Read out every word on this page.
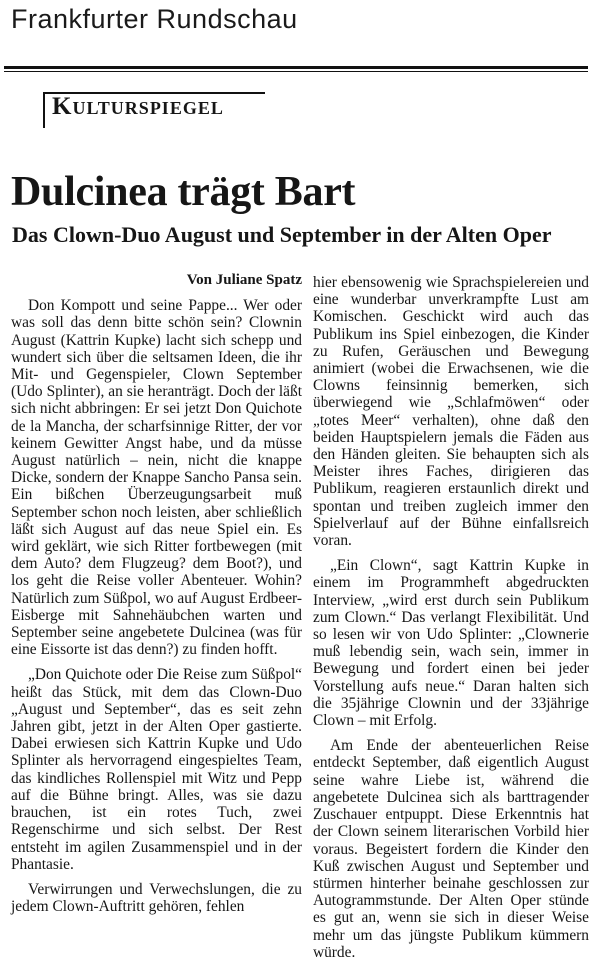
Frankfurter Rundschau
Kulturspiegel
Dulcinea trägt Bart
Das Clown-Duo August und September in der Alten Oper
Von Juliane Spatz

Don Kompott und seine Pappe... Wer oder was soll das denn bitte schön sein? Clownin August (Kattrin Kupke) lacht sich schepp und wundert sich über die seltsamen Ideen, die ihr Mit- und Gegenspieler, Clown September (Udo Splinter), an sie heranträgt. Doch der läßt sich nicht abbringen: Er sei jetzt Don Quichote de la Mancha, der scharfsinnige Ritter, der vor keinem Gewitter Angst habe, und da müsse August natürlich – nein, nicht die knappe Dicke, sondern der Knappe Sancho Pansa sein. Ein bißchen Überzeugungsarbeit muß September schon noch leisten, aber schließlich läßt sich August auf das neue Spiel ein. Es wird geklärt, wie sich Ritter fortbewegen (mit dem Auto? dem Flugzeug? dem Boot?), und los geht die Reise voller Abenteuer. Wohin? Natürlich zum Süßpol, wo auf August Erdbeer-Eisberge mit Sahnehäubchen warten und September seine angebetete Dulcinea (was für eine Eissorte ist das denn?) zu finden hofft.

„Don Quichote oder Die Reise zum Süßpol“ heißt das Stück, mit dem das Clown-Duo „August und September“, das es seit zehn Jahren gibt, jetzt in der Alten Oper gastierte. Dabei erwiesen sich Kattrin Kupke und Udo Splinter als hervorragend eingespieltes Team, das kindliches Rollenspiel mit Witz und Pepp auf die Bühne bringt. Alles, was sie dazu brauchen, ist ein rotes Tuch, zwei Regenschirme und sich selbst. Der Rest entsteht im agilen Zusammenspiel und in der Phantasie.

Verwirrungen und Verwechslungen, die zu jedem Clown-Auftritt gehören, fehlen

hier ebensowenig wie Sprachspielereien und eine wunderbar unverkrampfte Lust am Komischen. Geschickt wird auch das Publikum ins Spiel einbezogen, die Kinder zu Rufen, Geräuschen und Bewegung animiert (wobei die Erwachsenen, wie die Clowns feinsinnig bemerken, sich überwiegend wie „Schlafmöwen“ oder „totes Meer“ verhalten), ohne daß den beiden Hauptspielern jemals die Fäden aus den Händen gleiten. Sie behaupten sich als Meister ihres Faches, dirigieren das Publikum, reagieren erstaunlich direkt und spontan und treiben zugleich immer den Spielverlauf auf der Bühne einfallsreich voran.

„Ein Clown“, sagt Kattrin Kupke in einem im Programmheft abgedruckten Interview, „wird erst durch sein Publikum zum Clown.“ Das verlangt Flexibilität. Und so lesen wir von Udo Splinter: „Clownerie muß lebendig sein, wach sein, immer in Bewegung und fordert einen bei jeder Vorstellung aufs neue.“ Daran halten sich die 35jährige Clownin und der 33jährige Clown – mit Erfolg.

Am Ende der abenteuerlichen Reise entdeckt September, daß eigentlich August seine wahre Liebe ist, während die angebetete Dulcinea sich als barttragender Zuschauer entpuppt. Diese Erkenntnis hat der Clown seinem literarischen Vorbild hier voraus. Begeistert fordern die Kinder den Kuß zwischen August und September und stürmen hinterher beinahe geschlossen zur Autogrammstunde. Der Alten Oper stünde es gut an, wenn sie sich in dieser Weise mehr um das jüngste Publikum kümmern würde.
